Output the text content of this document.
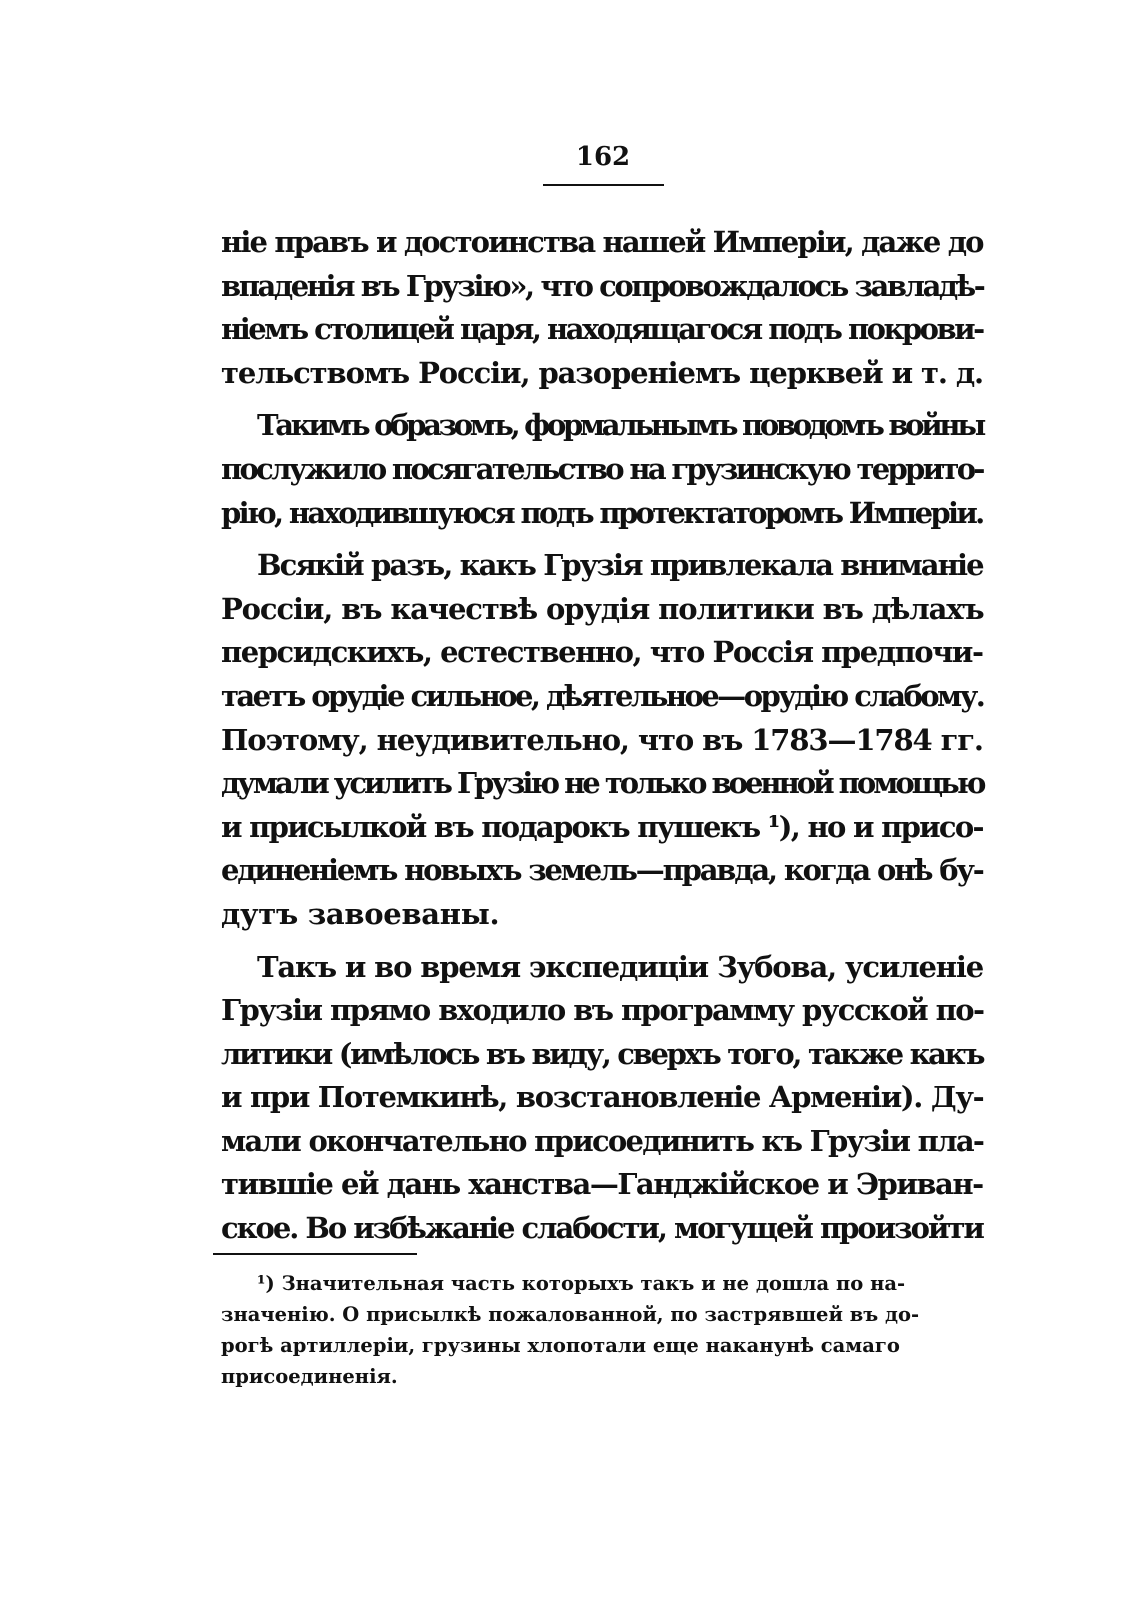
162
ніе правъ и достоинства нашей Имперіи, даже до
впаденія въ Грузію», что сопровождалось завладѣ-
ніемъ столицей царя, находящагося подъ покрови-
тельствомъ Россіи, разореніемъ церквей и т. д.
Такимъ образомъ, формальнымъ поводомъ войны
послужило посягательство на грузинскую террито-
рію, находившуюся подъ протектаторомъ Имперіи.
Всякій разъ, какъ Грузія привлекала вниманіе
Россіи, въ качествѣ орудія политики въ дѣлахъ
персидскихъ, естественно, что Россія предпочи-
таетъ орудіе сильное, дѣятельное—орудію слабому.
Поэтому, неудивительно, что въ 1783—1784 гг.
думали усилить Грузію не только военной помощью
и присылкой въ подарокъ пушекъ ¹), но и присо-
единеніемъ новыхъ земель—правда, когда онѣ бу-
дутъ завоеваны.
Такъ и во время экспедиціи Зубова, усиленіе
Грузіи прямо входило въ программу русской по-
литики (имѣлось въ виду, сверхъ того, также какъ
и при Потемкинѣ, возстановленіе Арменіи). Ду-
мали окончательно присоединить къ Грузіи пла-
тившіе ей дань ханства—Ганджійское и Эриван-
ское. Во избѣжаніе слабости, могущей произойти
¹) Значительная часть которыхъ такъ и не дошла по на-
значенію. О присылкѣ пожалованной, по застрявшей въ до-
рогѣ артиллеріи, грузины хлопотали еще наканунѣ самаго
присоединенія.
